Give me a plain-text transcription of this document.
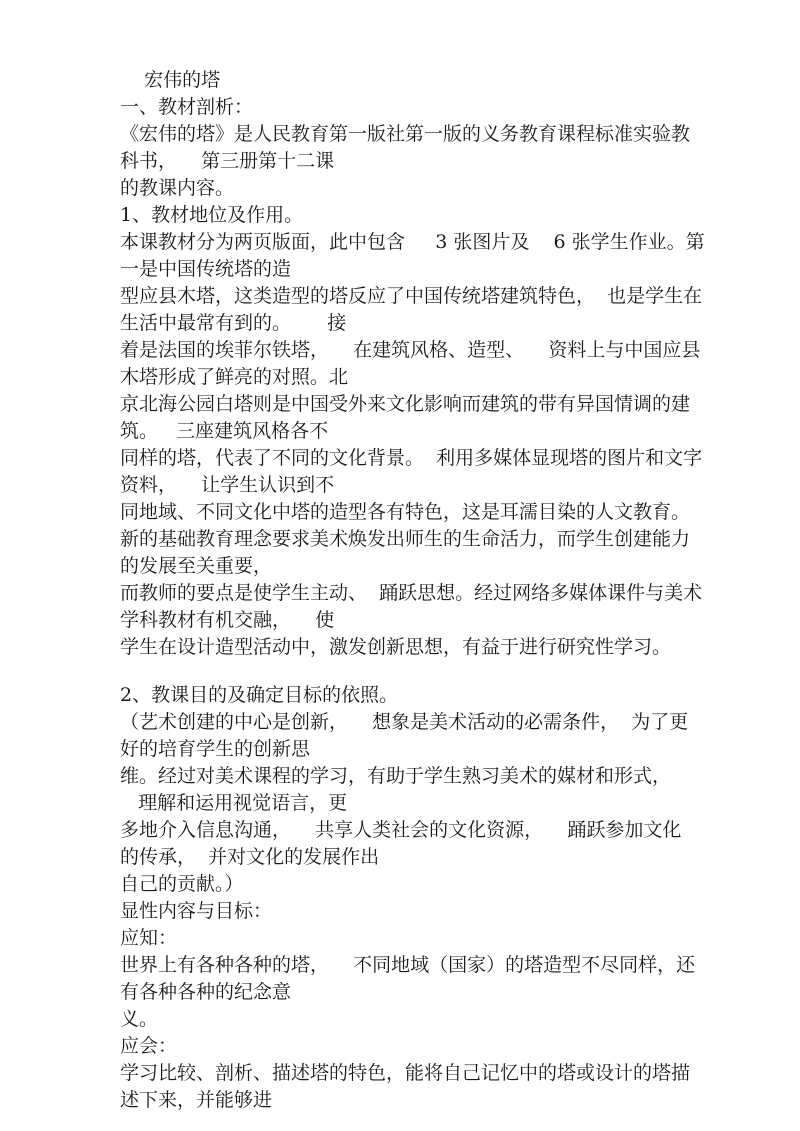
宏伟的塔
一、教材剖析：
《宏伟的塔》是人民教育第一版社第一版的义务教育课程标准实验教
科书，    第三册第十二课
的教课内容。
1、教材地位及作用。
本课教材分为两页版面，此中包含     3 张图片及    6 张学生作业。第
一是中国传统塔的造
型应县木塔，这类造型的塔反应了中国传统塔建筑特色，  也是学生在
生活中最常有到的。      接
着是法国的埃菲尔铁塔，    在建筑风格、造型、    资料上与中国应县
木塔形成了鲜亮的对照。北
京北海公园白塔则是中国受外来文化影响而建筑的带有异国情调的建
筑。   三座建筑风格各不
同样的塔，代表了不同的文化背景。  利用多媒体显现塔的图片和文字
资料，    让学生认识到不
同地域、不同文化中塔的造型各有特色，这是耳濡目染的人文教育。
新的基础教育理念要求美术焕发出师生的生命活力，而学生创建能力
的发展至关重要，
而教师的要点是使学生主动、  踊跃思想。经过网络多媒体课件与美术
学科教材有机交融，    使
学生在设计造型活动中，激发创新思想，有益于进行研究性学习。
2、教课目的及确定目标的依照。
（艺术创建的中心是创新，    想象是美术活动的必需条件，  为了更
好的培育学生的创新思
维。经过对美术课程的学习，有助于学生熟习美术的媒材和形式，
理解和运用视觉语言，更
多地介入信息沟通，    共享人类社会的文化资源，    踊跃参加文化
的传承，  并对文化的发展作出
自己的贡献。）
显性内容与目标：
应知：
世界上有各种各种的塔，    不同地域（国家）的塔造型不尽同样，还
有各种各种的纪念意
义。
应会：
学习比较、剖析、描述塔的特色，能将自己记忆中的塔或设计的塔描
述下来，并能够进
